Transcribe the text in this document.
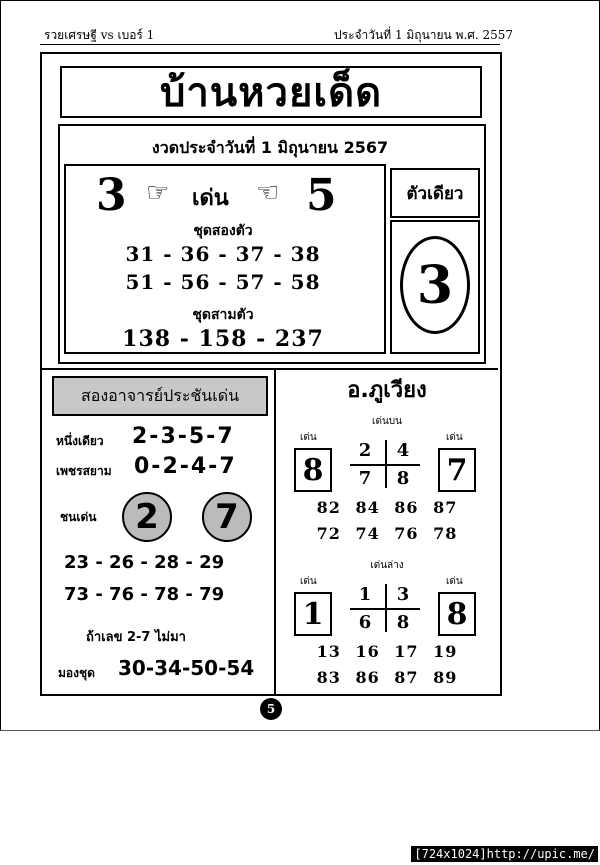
รวยเศรษฐี vs เบอร์ 1	ประจำวันที่ 1 มิถุนายน พ.ศ. 2557
บ้านหวยเด็ด
งวดประจำวันที่ 1 มิถุนายน 2567
3 ☞ เด่น ☜ 5
ชุดสองตัว
31 - 36 - 37 - 38
51 - 56 - 57 - 58
ชุดสามตัว
138 - 158 - 237
ตัวเดียว
3
สองอาจารย์ประชันเด่น
หนึ่งเดียว 2-3-5-7
เพชรสยาม 0-2-4-7
ชนเด่น	2	7
23 - 26 - 28 - 29
73 - 76 - 78 - 79
ถ้าเลข 2-7 ไม่มา
มองชุด 30-34-50-54
อ.ภูเวียง
เด่นบน
เด่น
8
เด่น
7
2	4
7	8
82 84 86 87
72 74 76 78
เด่นล่าง
เด่น
1
เด่น
8
1	3
6	8
13 16 17 19
83 86 87 89
5
[724x1024]http://upic.me/
